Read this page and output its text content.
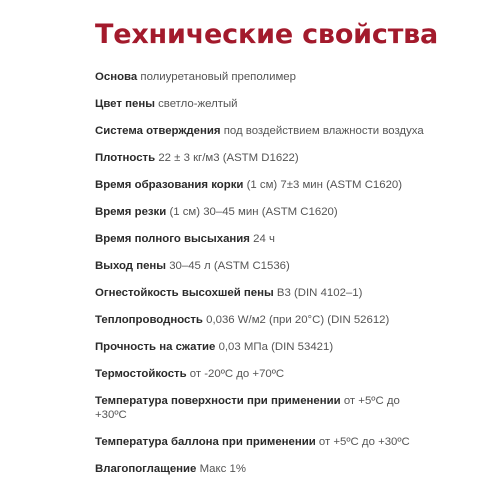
Технические свойства
Основа полиуретановый преполимер
Цвет пены светло-желтый
Система отверждения под воздействием влажности воздуха
Плотность 22 ± 3 кг/м3 (ASTM D1622)
Время образования корки (1 см) 7±3 мин (ASTM C1620)
Время резки (1 см) 30–45 мин (ASTM C1620)
Время полного высыхания 24 ч
Выход пены 30–45 л (ASTM C1536)
Огнестойкость высохшей пены B3 (DIN 4102–1)
Теплопроводность 0,036 W/м2 (при 20°С) (DIN 52612)
Прочность на сжатие 0,03 МПа (DIN 53421)
Термостойкость от -20ºС до +70ºС
Температура поверхности при применении от +5ºС до +30ºС
Температура баллона при применении от +5ºС до +30ºС
Влагопоглащение Макс 1%
